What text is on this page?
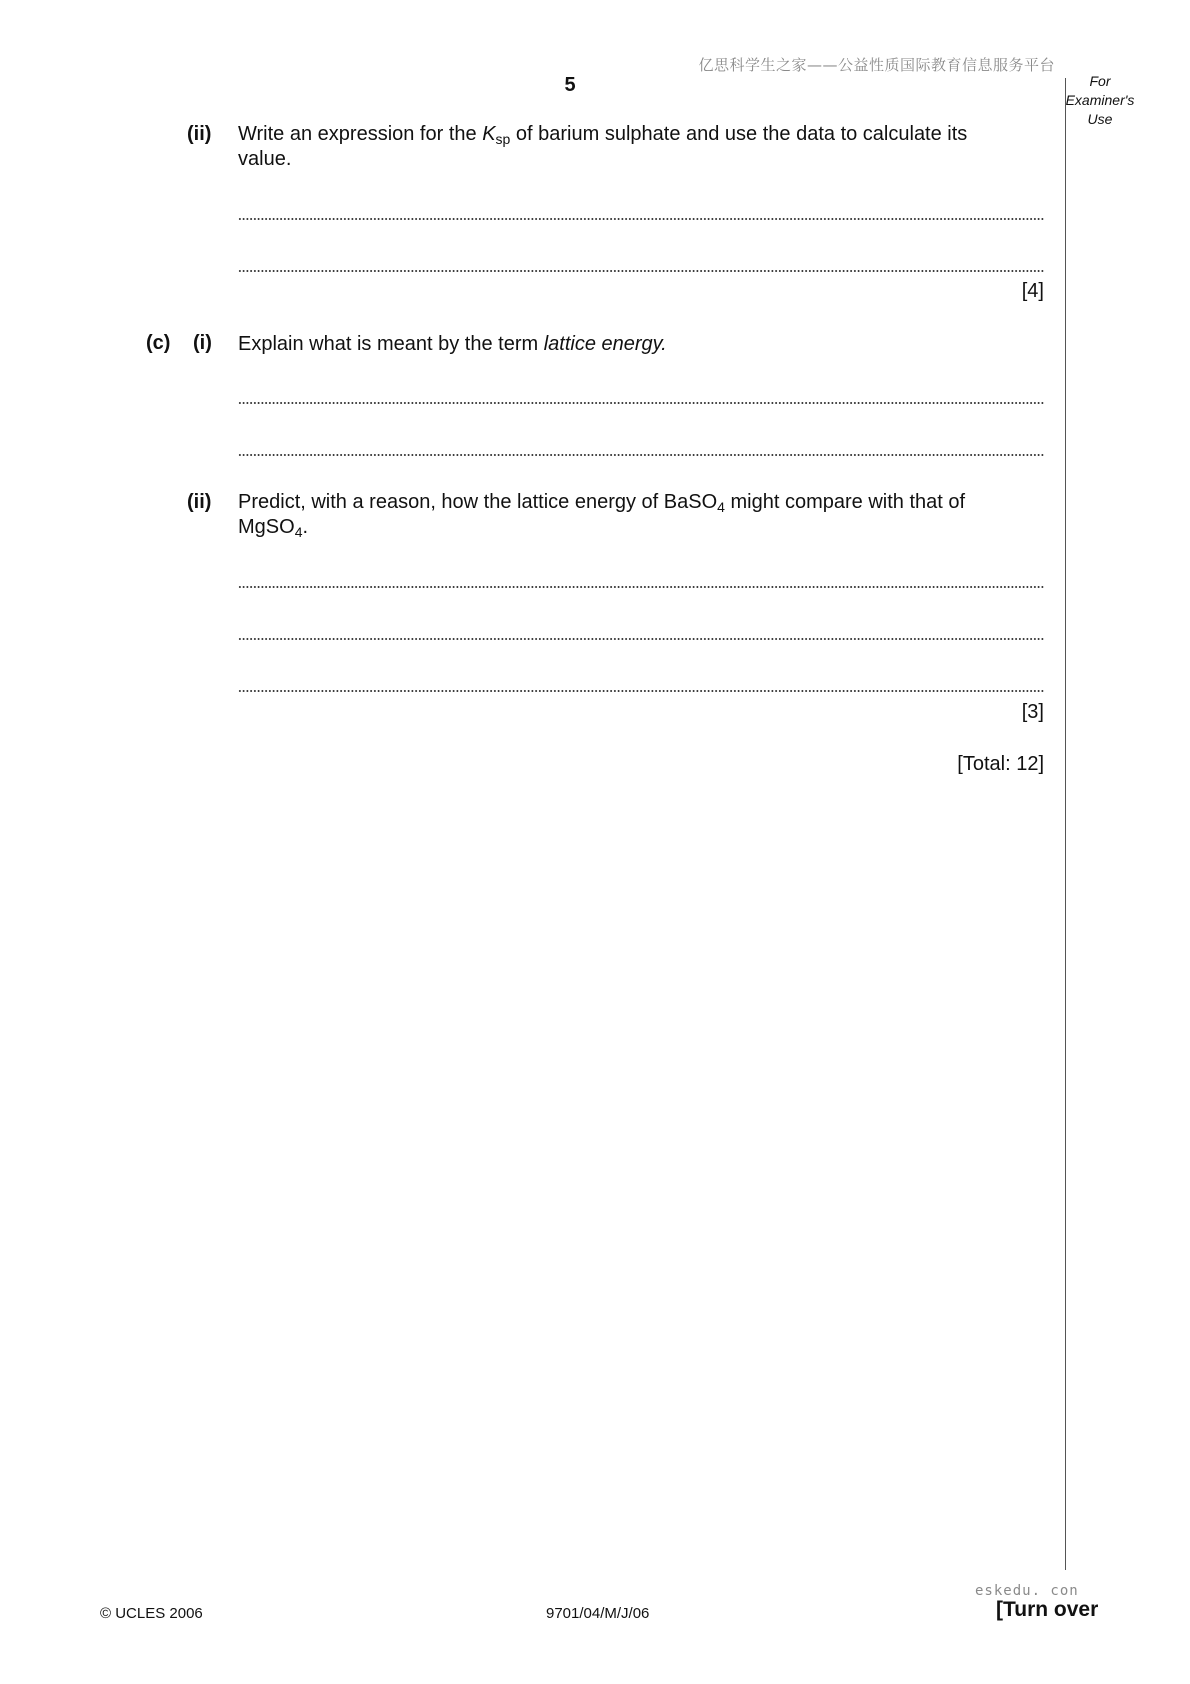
亿思科学生之家——公益性质国际教育信息服务平台
5	For
Examiner's
Use
(ii) Write an expression for the $K_{sp}$ of barium sulphate and use the data to calculate its
value.
[4]
(c) (i) Explain what is meant by the term lattice energy.
(ii) Predict, with a reason, how the lattice energy of BaSO$_4$ might compare with that of
MgSO$_4$.
[3]
[Total: 12]
© UCLES 2006	9701/04/M/J/06
eskedu. con
[Turn over
